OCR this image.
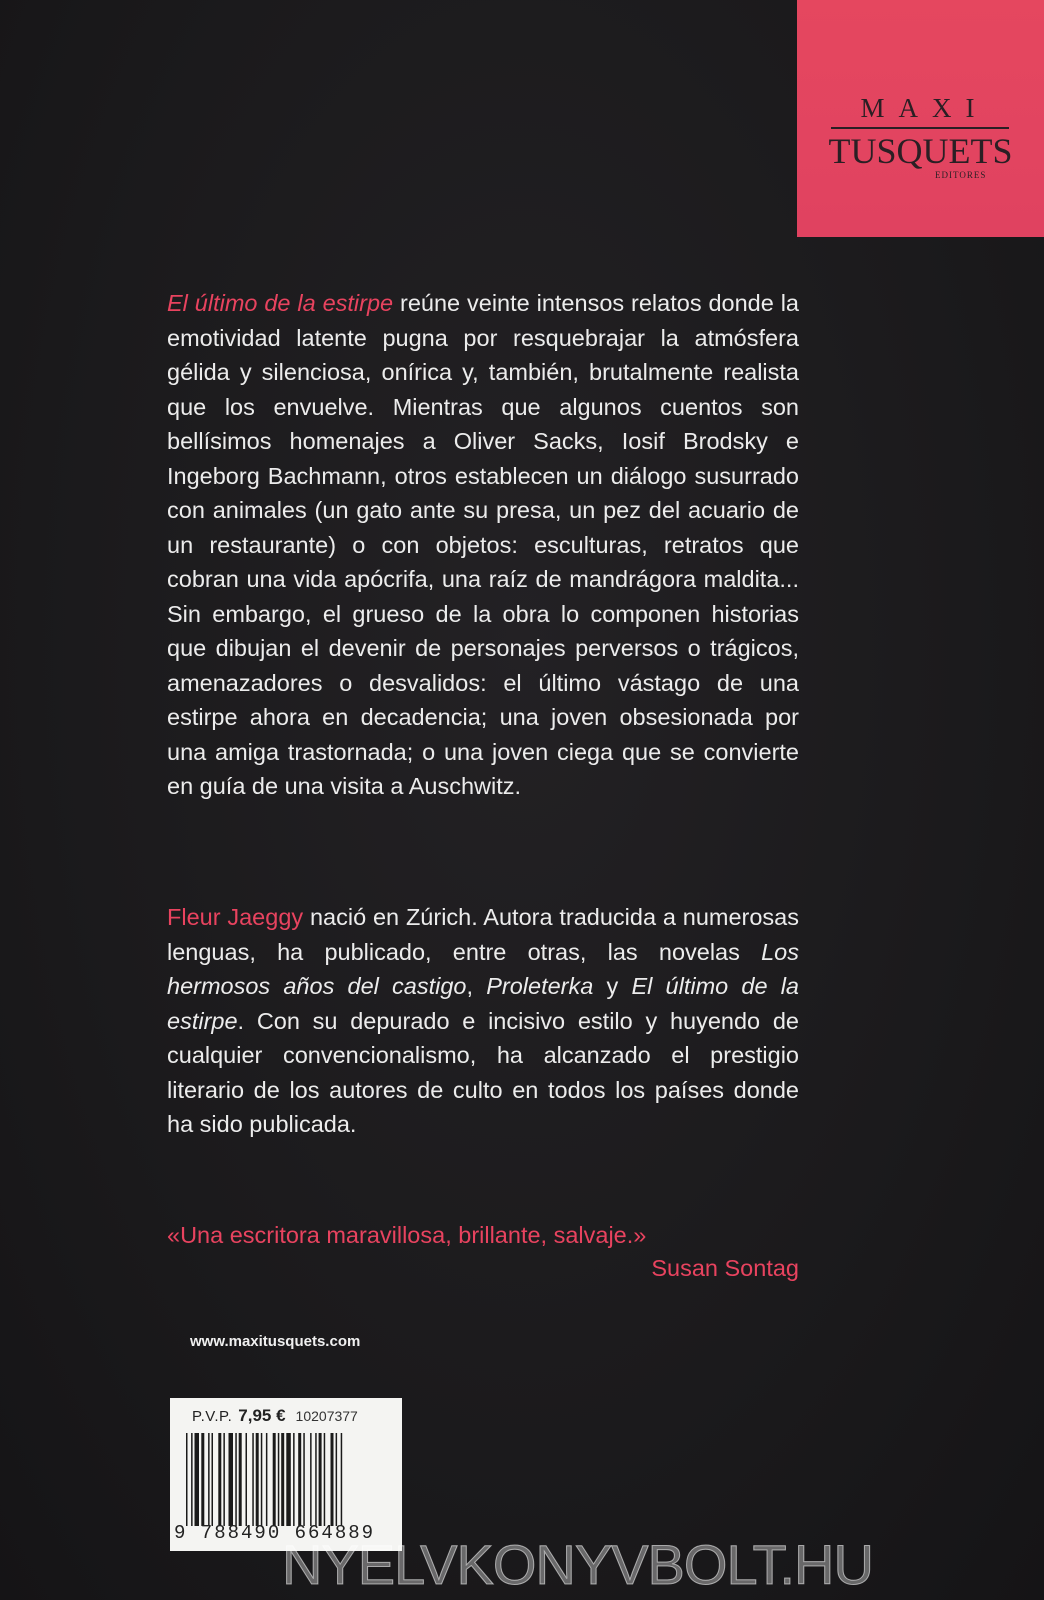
MAXI
TUSQUETS
EDITORES
El último de la estirpe reúne veinte intensos relatos donde la emotividad latente pugna por resquebrajar la atmósfera gélida y silenciosa, onírica y, también, brutalmente realista que los envuelve. Mientras que algunos cuentos son bellísimos homenajes a Oliver Sacks, Iosif Brodsky e Ingeborg Bachmann, otros establecen un diálogo susurrado con animales (un gato ante su presa, un pez del acuario de un restaurante) o con objetos: esculturas, retratos que cobran una vida apócrifa, una raíz de mandrágora maldita... Sin embargo, el grueso de la obra lo componen historias que dibujan el devenir de personajes perversos o trágicos, amenazadores o desvalidos: el último vástago de una estirpe ahora en decadencia; una joven obsesionada por una amiga trastornada; o una joven ciega que se convierte en guía de una visita a Auschwitz.
Fleur Jaeggy nació en Zúrich. Autora traducida a numerosas lenguas, ha publicado, entre otras, las novelas Los hermosos años del castigo, Proleterka y El último de la estirpe. Con su depurado e incisivo estilo y huyendo de cualquier convencionalismo, ha alcanzado el prestigio literario de los autores de culto en todos los países donde ha sido publicada.
«Una escritora maravillosa, brillante, salvaje.»
Susan Sontag
www.maxitusquets.com
P.V.P. 7,95 € 10207377
9 788490 664889
NYELVKONYVBOLT.HU
